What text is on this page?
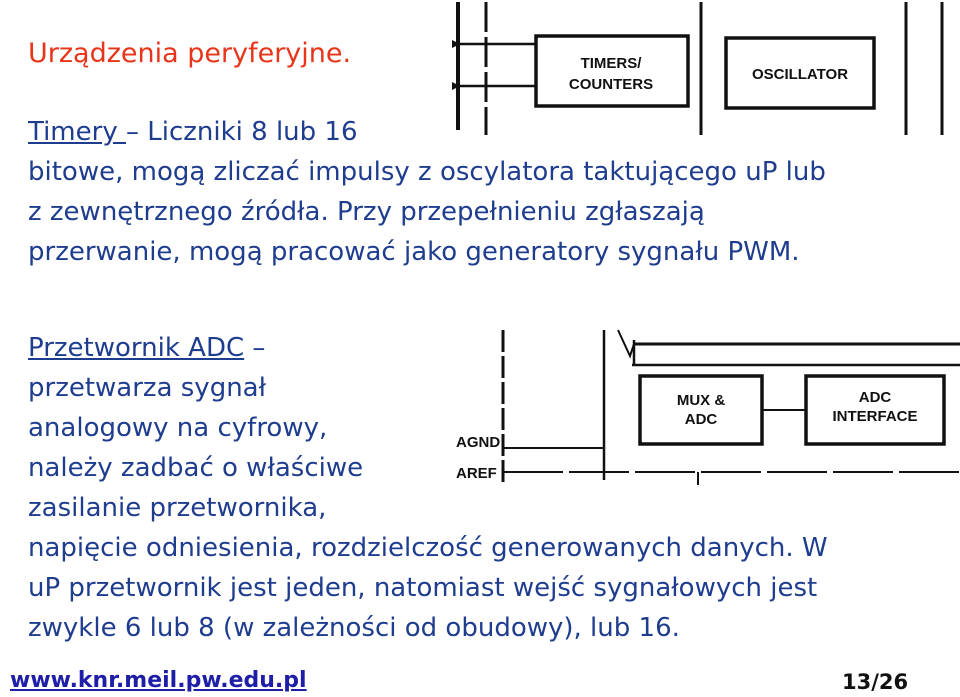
TIMERS/
COUNTERS
OSCILLATOR
MUX &
ADC
ADC
INTERFACE
AGND
AREF
Urządzenia peryferyjne.
Timery – Liczniki 8 lub 16
bitowe, mogą zliczać impulsy z oscylatora taktującego uP lub
z zewnętrznego źródła. Przy przepełnieniu zgłaszają
przerwanie, mogą pracować jako generatory sygnału PWM.
Przetwornik ADC –
przetwarza sygnał
analogowy na cyfrowy,
należy zadbać o właściwe
zasilanie przetwornika,
napięcie odniesienia, rozdzielczość generowanych danych. W
uP przetwornik jest jeden, natomiast wejść sygnałowych jest
zwykle 6 lub 8 (w zależności od obudowy), lub 16.
www.knr.meil.pw.edu.pl	13/26
